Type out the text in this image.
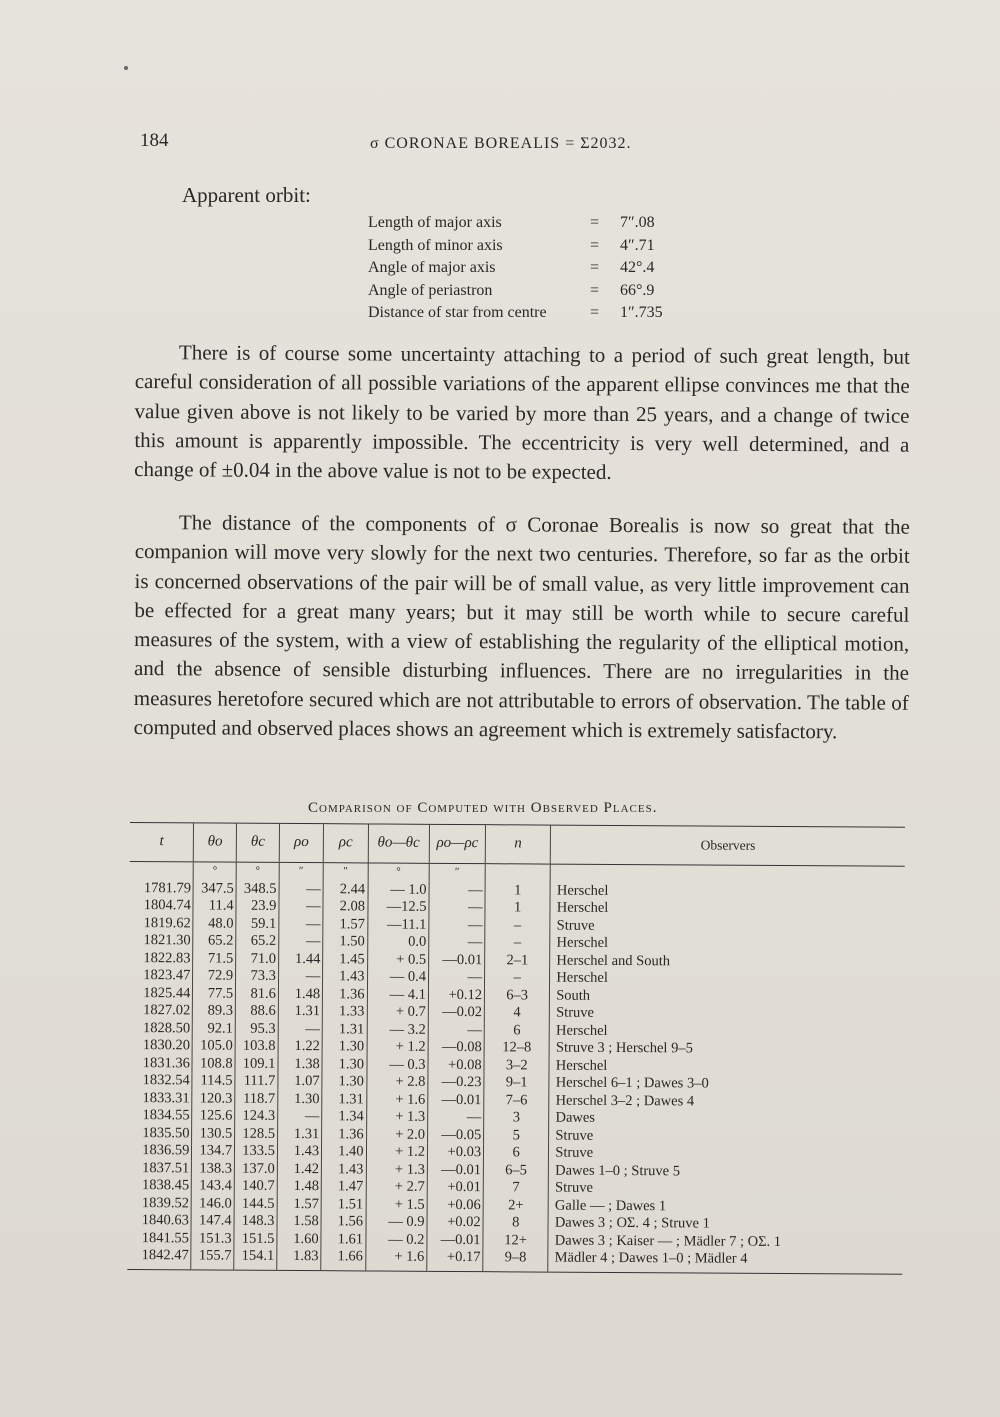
184	σ CORONAE BOREALIS = Σ2032.
Apparent orbit:
Length of major axis	=	7″.08
Length of minor axis	=	4″.71
Angle of major axis	=	42°.4
Angle of periastron	=	66°.9
Distance of star from centre	=	1″.735

There is of course some uncertainty attaching to a period of such great length, but careful consideration of all possible variations of the apparent ellipse convinces me that the value given above is not likely to be varied by more than 25 years, and a change of twice this amount is apparently impossible. The eccentricity is very well determined, and a change of ±0.04 in the above value is not to be expected.

The distance of the components of σ Coronae Borealis is now so great that the companion will move very slowly for the next two centuries. Therefore, so far as the orbit is concerned observations of the pair will be of small value, as very little improvement can be effected for a great many years; but it may still be worth while to secure careful measures of the system, with a view of establishing the regularity of the elliptical motion, and the absence of sensible disturbing influences. There are no irregularities in the measures heretofore secured which are not attributable to errors of observation. The table of computed and observed places shows an agreement which is extremely satisfactory.

Comparison of Computed with Observed Places.
t	θo	θc	ρo	ρc	θo—θc	ρo—ρc	n	Observers
	°	°	″	″	°	″		
1781.79	347.5	348.5	—	2.44	— 1.0	—	1	Herschel
1804.74	11.4	23.9	—	2.08	—12.5	—	1	Herschel
1819.62	48.0	59.1	—	1.57	—11.1	—	–	Struve
1821.30	65.2	65.2	—	1.50	0.0	—	–	Herschel
1822.83	71.5	71.0	1.44	1.45	+ 0.5	—0.01	2–1	Herschel and South
1823.47	72.9	73.3	—	1.43	— 0.4	—	–	Herschel
1825.44	77.5	81.6	1.48	1.36	— 4.1	+0.12	6–3	South
1827.02	89.3	88.6	1.31	1.33	+ 0.7	—0.02	4	Struve
1828.50	92.1	95.3	—	1.31	— 3.2	—	6	Herschel
1830.20	105.0	103.8	1.22	1.30	+ 1.2	—0.08	12–8	Struve 3 ; Herschel 9–5
1831.36	108.8	109.1	1.38	1.30	— 0.3	+0.08	3–2	Herschel
1832.54	114.5	111.7	1.07	1.30	+ 2.8	—0.23	9–1	Herschel 6–1 ; Dawes 3–0
1833.31	120.3	118.7	1.30	1.31	+ 1.6	—0.01	7–6	Herschel 3–2 ; Dawes 4
1834.55	125.6	124.3	—	1.34	+ 1.3	—	3	Dawes
1835.50	130.5	128.5	1.31	1.36	+ 2.0	—0.05	5	Struve
1836.59	134.7	133.5	1.43	1.40	+ 1.2	+0.03	6	Struve
1837.51	138.3	137.0	1.42	1.43	+ 1.3	—0.01	6–5	Dawes 1–0 ; Struve 5
1838.45	143.4	140.7	1.48	1.47	+ 2.7	+0.01	7	Struve
1839.52	146.0	144.5	1.57	1.51	+ 1.5	+0.06	2+	Galle — ; Dawes 1
1840.63	147.4	148.3	1.58	1.56	— 0.9	+0.02	8	Dawes 3 ; OΣ. 4 ; Struve 1
1841.55	151.3	151.5	1.60	1.61	— 0.2	—0.01	12+	Dawes 3 ; Kaiser — ; Mädler 7 ; OΣ. 1
1842.47	155.7	154.1	1.83	1.66	+ 1.6	+0.17	9–8	Mädler 4 ; Dawes 1–0 ; Mädler 4
